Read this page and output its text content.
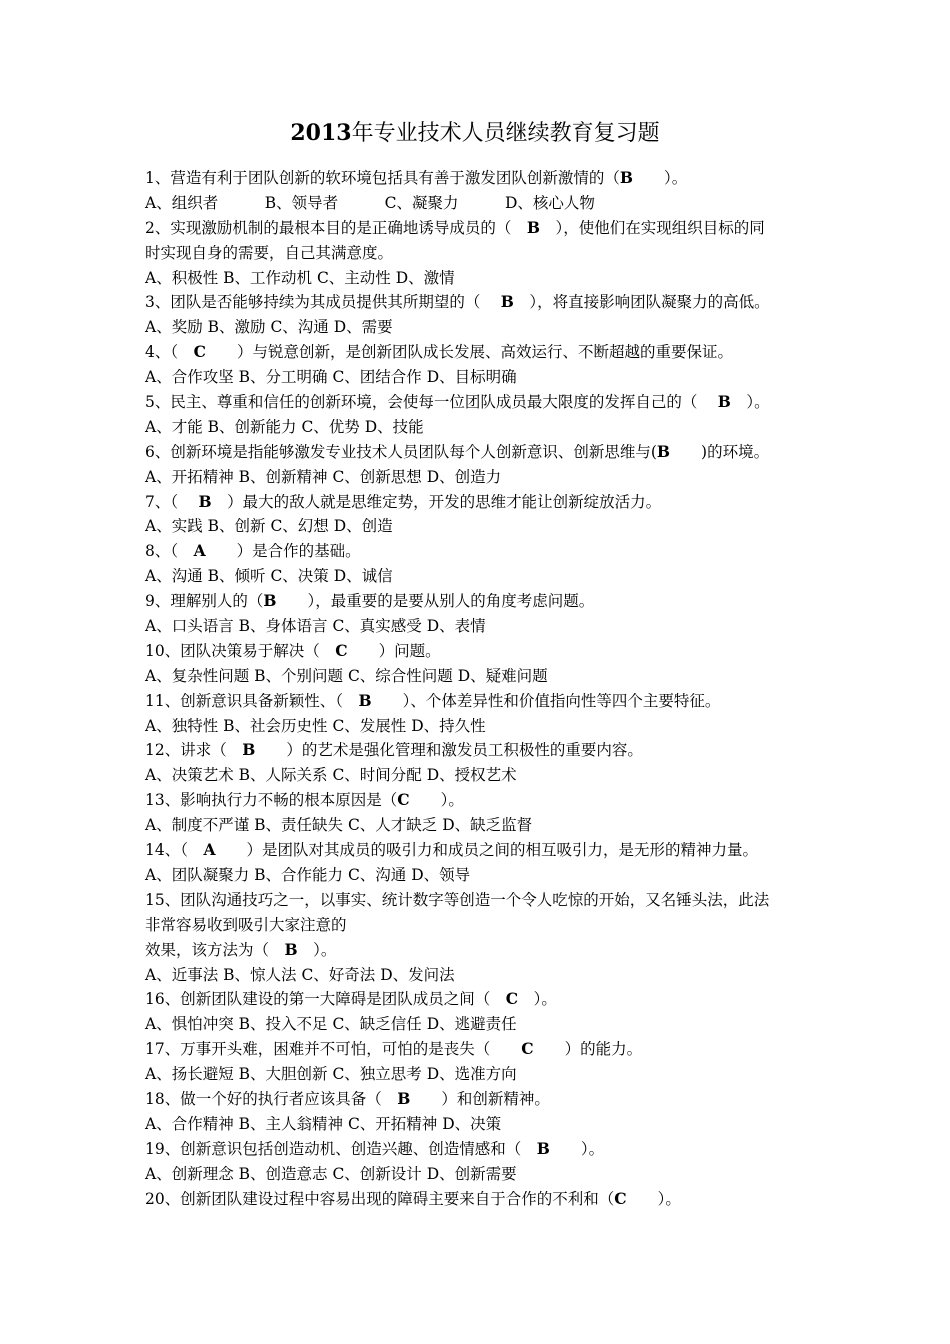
2013年专业技术人员继续教育复习题
1、营造有利于团队创新的软环境包括具有善于激发团队创新激情的（B　　）。
A、组织者　　　B、领导者　　　C、凝聚力　　　D、核心人物
2、实现激励机制的最根本目的是正确地诱导成员的（　B　），使他们在实现组织目标的同
时实现自身的需要，自己其满意度。
A、积极性 B、工作动机 C、主动性 D、激情
3、团队是否能够持续为其成员提供其所期望的（　 B　），将直接影响团队凝聚力的高低。
A、奖励 B、激励 C、沟通 D、需要
4、（　C　　）与锐意创新，是创新团队成长发展、高效运行、不断超越的重要保证。
A、合作攻坚 B、分工明确 C、团结合作 D、目标明确
5、民主、尊重和信任的创新环境，会使每一位团队成员最大限度的发挥自己的（　 B　）。
A、才能 B、创新能力 C、优势 D、技能
6、创新环境是指能够激发专业技术人员团队每个人创新意识、创新思维与(B　　)的环境。
A、开拓精神 B、创新精神 C、创新思想 D、创造力
7、（　 B　）最大的敌人就是思维定势，开发的思维才能让创新绽放活力。
A、实践 B、创新 C、幻想 D、创造
8、（　A　　）是合作的基础。
A、沟通 B、倾听 C、决策 D、诚信
9、理解别人的（B　　），最重要的是要从别人的角度考虑问题。
A、口头语言 B、身体语言 C、真实感受 D、表情
10、团队决策易于解决（　C　　）问题。
A、复杂性问题 B、个别问题 C、综合性问题 D、疑难问题
11、创新意识具备新颖性、（　B　　）、个体差异性和价值指向性等四个主要特征。
A、独特性 B、社会历史性 C、发展性 D、持久性
12、讲求（　B　　）的艺术是强化管理和激发员工积极性的重要内容。
A、决策艺术 B、人际关系 C、时间分配 D、授权艺术
13、影响执行力不畅的根本原因是（C　　）。
A、制度不严谨 B、责任缺失 C、人才缺乏 D、缺乏监督
14、（　A　　）是团队对其成员的吸引力和成员之间的相互吸引力，是无形的精神力量。
A、团队凝聚力 B、合作能力 C、沟通 D、领导
15、团队沟通技巧之一，以事实、统计数字等创造一个令人吃惊的开始，又名锤头法，此法
非常容易收到吸引大家注意的
效果，该方法为（　B　）。
A、近事法 B、惊人法 C、好奇法 D、发问法
16、创新团队建设的第一大障碍是团队成员之间（　C　）。
A、惧怕冲突 B、投入不足 C、缺乏信任 D、逃避责任
17、万事开头难，困难并不可怕，可怕的是丧失（　　C　　）的能力。
A、扬长避短 B、大胆创新 C、独立思考 D、选准方向
18、做一个好的执行者应该具备（　B　　）和创新精神。
A、合作精神 B、主人翁精神 C、开拓精神 D、决策
19、创新意识包括创造动机、创造兴趣、创造情感和（　B　　）。
A、创新理念 B、创造意志 C、创新设计 D、创新需要
20、创新团队建设过程中容易出现的障碍主要来自于合作的不利和（C　　）。
